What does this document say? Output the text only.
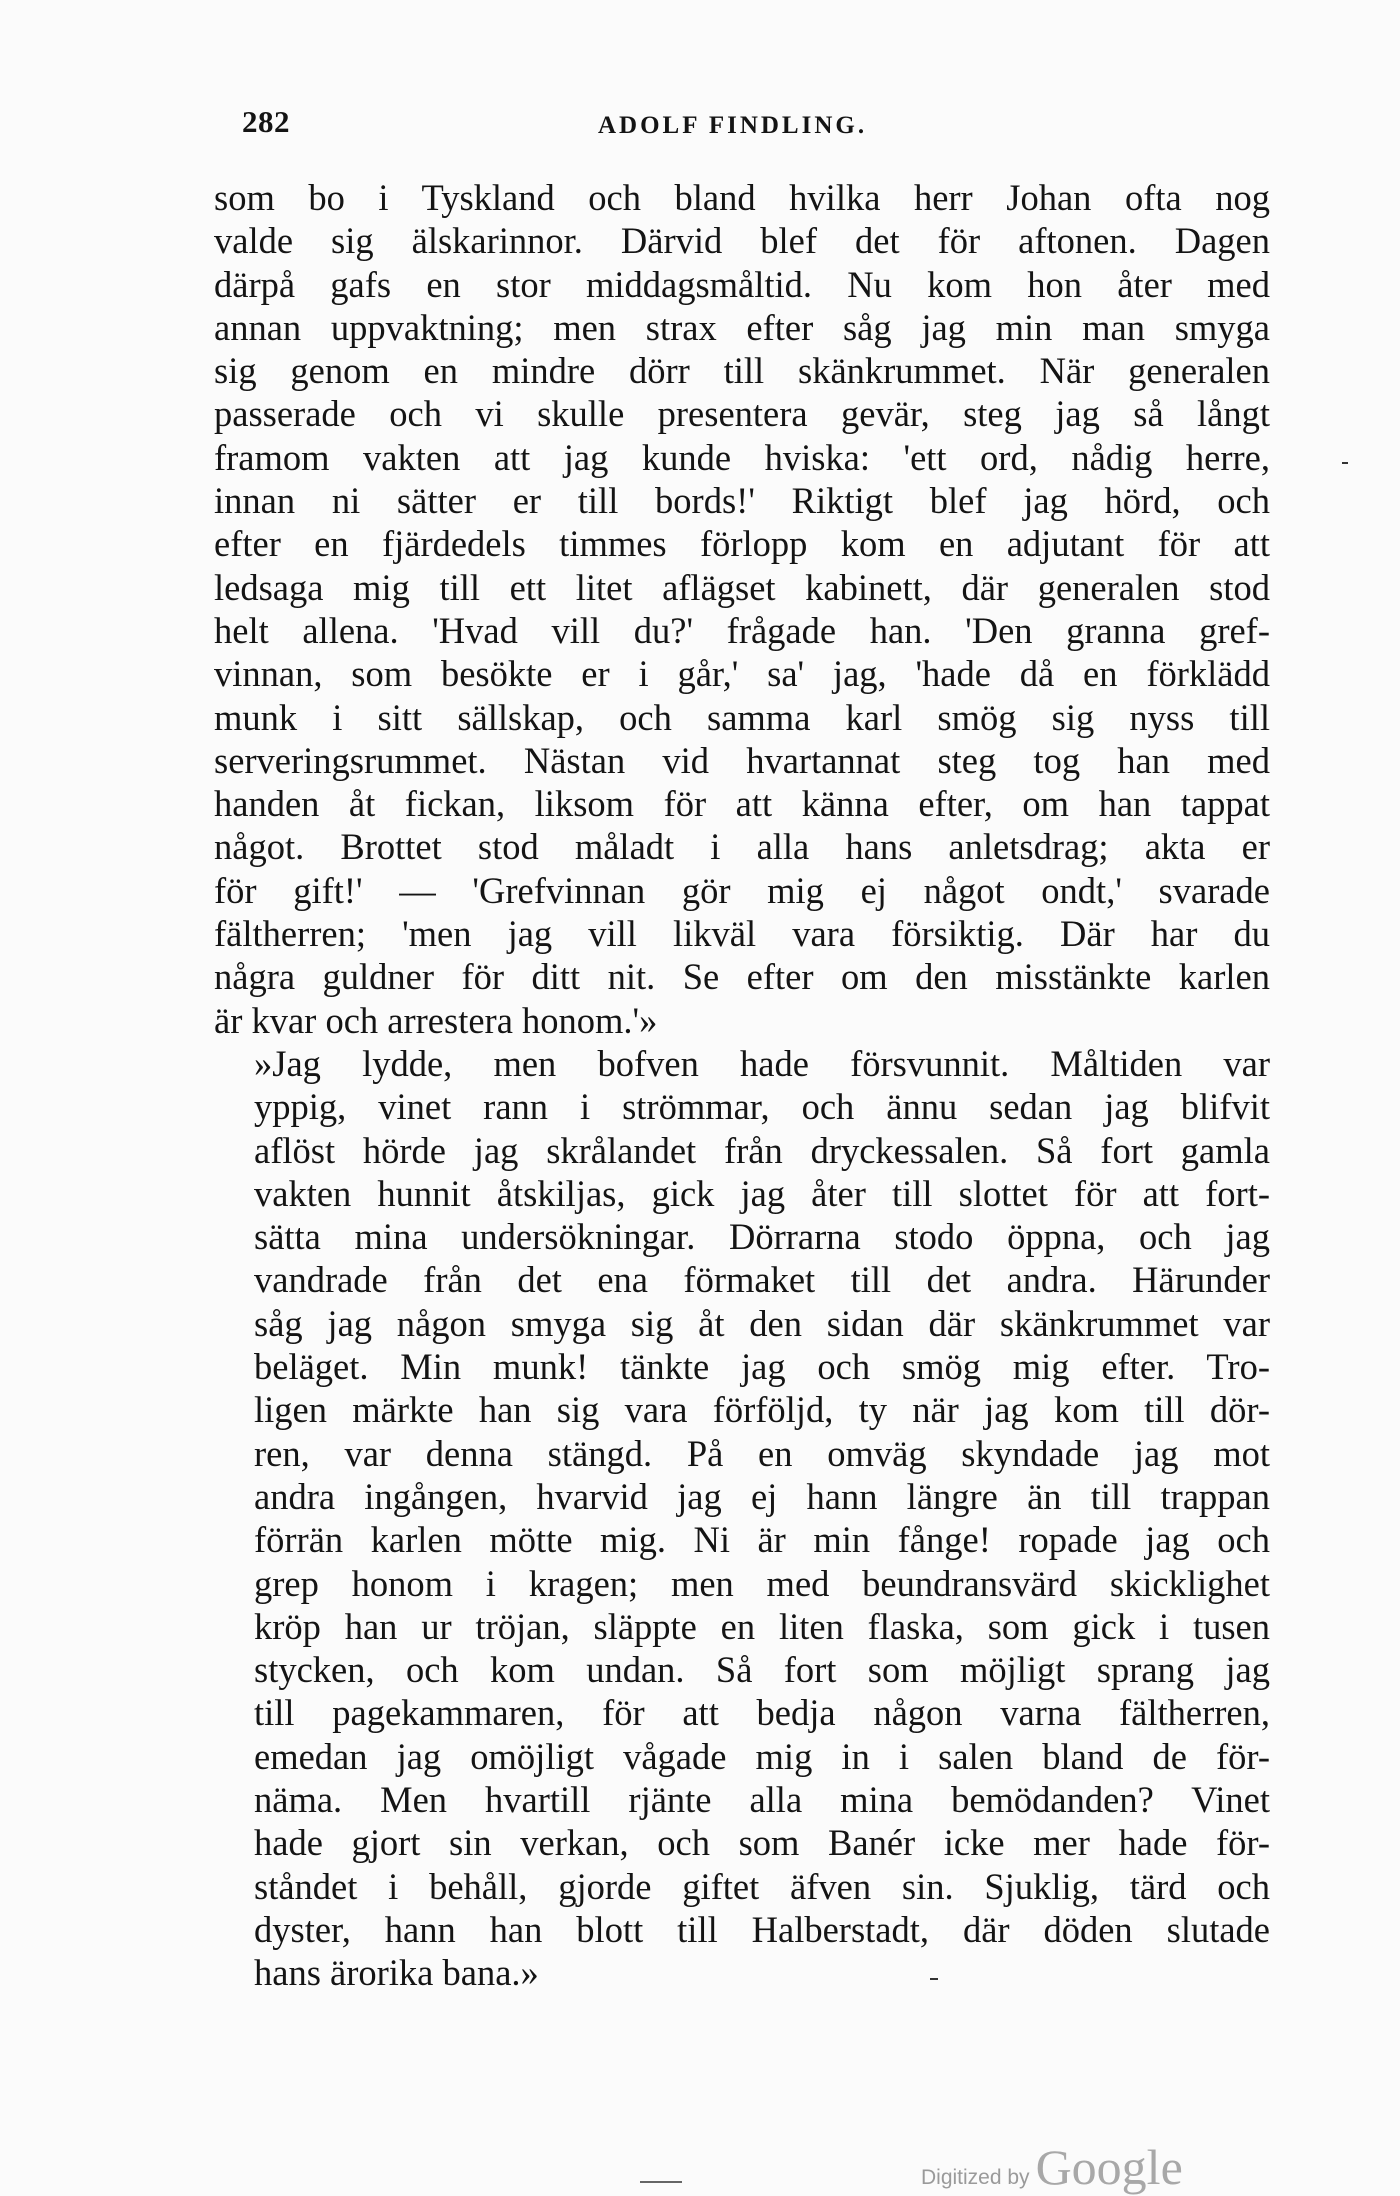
282	ADOLF FINDLING.
som bo i Tyskland och bland hvilka herr Johan ofta nog
valde sig älskarinnor. Därvid blef det för aftonen. Dagen
därpå gafs en stor middagsmåltid. Nu kom hon åter med
annan uppvaktning; men strax efter såg jag min man smyga
sig genom en mindre dörr till skänkrummet. När generalen
passerade och vi skulle presentera gevär, steg jag så långt
framom vakten att jag kunde hviska: 'ett ord, nådig herre,
innan ni sätter er till bords!' Riktigt blef jag hörd, och
efter en fjärdedels timmes förlopp kom en adjutant för att
ledsaga mig till ett litet aflägset kabinett, där generalen stod
helt allena. 'Hvad vill du?' frågade han. 'Den granna gref-
vinnan, som besökte er i går,' sa' jag, 'hade då en förklädd
munk i sitt sällskap, och samma karl smög sig nyss till
serveringsrummet. Nästan vid hvartannat steg tog han med
handen åt fickan, liksom för att känna efter, om han tappat
något. Brottet stod måladt i alla hans anletsdrag; akta er
för gift!' — 'Grefvinnan gör mig ej något ondt,' svarade
fältherren; 'men jag vill likväl vara försiktig. Där har du
några guldner för ditt nit. Se efter om den misstänkte karlen
är kvar och arrestera honom.'»
»Jag lydde, men bofven hade försvunnit. Måltiden var
yppig, vinet rann i strömmar, och ännu sedan jag blifvit
aflöst hörde jag skrålandet från dryckessalen. Så fort gamla
vakten hunnit åtskiljas, gick jag åter till slottet för att fort-
sätta mina undersökningar. Dörrarna stodo öppna, och jag
vandrade från det ena förmaket till det andra. Härunder
såg jag någon smyga sig åt den sidan där skänkrummet var
beläget. Min munk! tänkte jag och smög mig efter. Tro-
ligen märkte han sig vara förföljd, ty när jag kom till dör-
ren, var denna stängd. På en omväg skyndade jag mot
andra ingången, hvarvid jag ej hann längre än till trappan
förrän karlen mötte mig. Ni är min fånge! ropade jag och
grep honom i kragen; men med beundransvärd skicklighet
kröp han ur tröjan, släppte en liten flaska, som gick i tusen
stycken, och kom undan. Så fort som möjligt sprang jag
till pagekammaren, för att bedja någon varna fältherren,
emedan jag omöjligt vågade mig in i salen bland de för-
näma. Men hvartill rjänte alla mina bemödanden? Vinet
hade gjort sin verkan, och som Banér icke mer hade för-
ståndet i behåll, gjorde giftet äfven sin. Sjuklig, tärd och
dyster, hann han blott till Halberstadt, där döden slutade
hans ärorika bana.»
Digitized by Google
